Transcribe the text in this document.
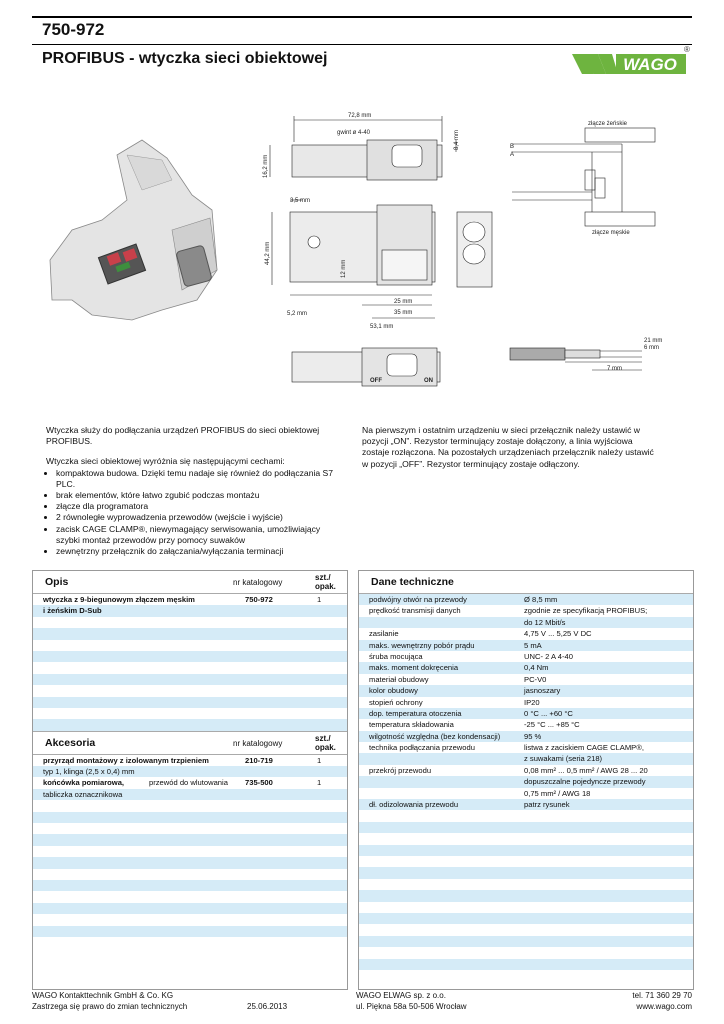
750-972
PROFIBUS - wtyczka sieci obiektowej	WAGO
®
72,8 mm
gwint ø 4-40
16,2 mm
8,4 mm
3,5 mm
44,2 mm
12 mm
25 mm
35 mm
53,1 mm
5,2 mm
OFF	ON
złącze żeńskie
złącze męskie
B
A
21 mm
6 mm
7 mm

Wtyczka służy do podłączania urządzeń PROFIBUS do sieci obiektowej PROFIBUS.

Wtyczka sieci obiektowej wyróżnia się następującymi cechami:

• kompaktowa budowa. Dzięki temu nadaje się również do podłączania S7 PLC.
• brak elementów, które łatwo zgubić podczas montażu
• złącze dla programatora
• 2 równoległe wyprowadzenia przewodów (wejście i wyjście)
• zacisk CAGE CLAMP®, niewymagający serwisowania, umożliwiający szybki montaż przewodów przy pomocy suwaków
• zewnętrzny przełącznik do załączania/wyłączania terminacji

Na pierwszym i ostatnim urządzeniu w sieci przełącznik należy ustawić w pozycji „ON”. Rezystor terminujący zostaje dołączony, a linia wyjściowa zostaje rozłączona. Na pozostałych urządzeniach przełącznik należy ustawić w pozycji „OFF”. Rezystor terminujący zostaje odłączony.

Opis	nr katalogowy
szt./ opak.
wtyczka z 9-biegunowym złączem męskim	750-972	1
i żeńskim D-Sub
Akcesoria	nr katalogowy
szt./ opak.
przyrząd montażowy z izolowanym trzpieniem	210-719	1
typ 1, klinga (2,5 x 0,4) mm
końcówka pomiarowa,	przewód do wlutowania 735-500	1
tabliczka oznacznikowa
Dane techniczne
podwójny otwór na przewody	Ø 8,5 mm
prędkość transmisji danych	zgodnie ze specyfikacją PROFIBUS;
do 12 Mbit/s
zasilanie	4,75 V ... 5,25 V DC
maks. wewnętrzny pobór prądu	5 mA
śruba mocująca	UNC- 2 A 4-40
maks. moment dokręcenia	0,4 Nm
materiał obudowy	PC-V0
kolor obudowy	jasnoszary
stopień ochrony	IP20
dop. temperatura otoczenia	0 °C ... +60 °C
temperatura składowania	-25 °C ... +85 °C
wilgotność względna (bez kondensacji)	95 %
technika podłączania przewodu	listwa z zaciskiem CAGE CLAMP®,
z suwakami (seria 218)
przekrój przewodu	0,08 mm² ... 0,5 mm² / AWG 28 ... 20
dopuszczalne pojedyncze przewody
0,75 mm² / AWG 18
dł. odizolowania przewodu	patrz rysunek
WAGO Kontakttechnik GmbH & Co. KG
Zastrzega się prawo do zmian technicznych	25.06.2013
WAGO ELWAG sp. z o.o.
ul. Piękna 58a 50-506 Wrocław
tel. 71 360 29 70
www.wago.com
